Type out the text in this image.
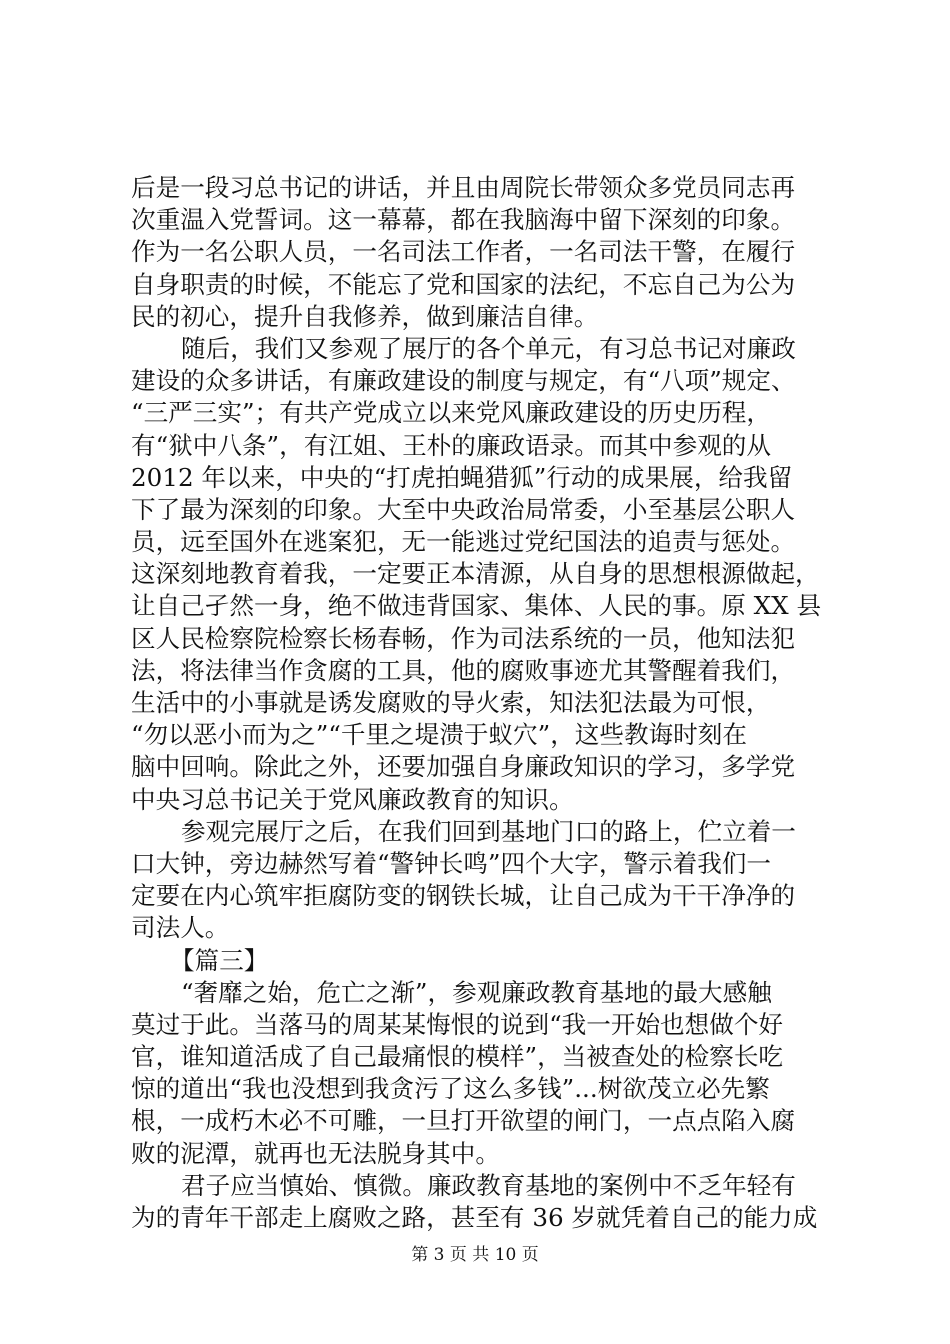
后是一段习总书记的讲话，并且由周院长带领众多党员同志再
次重温入党誓词。这一幕幕，都在我脑海中留下深刻的印象。
作为一名公职人员，一名司法工作者，一名司法干警，在履行
自身职责的时候，不能忘了党和国家的法纪，不忘自己为公为
民的初心，提升自我修养，做到廉洁自律。
随后，我们又参观了展厅的各个单元，有习总书记对廉政
建设的众多讲话，有廉政建设的制度与规定，有“八项”规定、
“三严三实”；有共产党成立以来党风廉政建设的历史历程，
有“狱中八条”，有江姐、王朴的廉政语录。而其中参观的从
2012 年以来，中央的“打虎拍蝇猎狐”行动的成果展，给我留
下了最为深刻的印象。大至中央政治局常委，小至基层公职人
员，远至国外在逃案犯，无一能逃过党纪国法的追责与惩处。
这深刻地教育着我，一定要正本清源，从自身的思想根源做起，
让自己孑然一身，绝不做违背国家、集体、人民的事。原 XX 县
区人民检察院检察长杨春畅，作为司法系统的一员，他知法犯
法，将法律当作贪腐的工具，他的腐败事迹尤其警醒着我们，
生活中的小事就是诱发腐败的导火索，知法犯法最为可恨，
“勿以恶小而为之”“千里之堤溃于蚁穴”，这些教诲时刻在
脑中回响。除此之外，还要加强自身廉政知识的学习，多学党
中央习总书记关于党风廉政教育的知识。
参观完展厅之后，在我们回到基地门口的路上，伫立着一
口大钟，旁边赫然写着“警钟长鸣”四个大字，警示着我们一
定要在内心筑牢拒腐防变的钢铁长城，让自己成为干干净净的
司法人。
【篇三】
“奢靡之始，危亡之渐”，参观廉政教育基地的最大感触
莫过于此。当落马的周某某悔恨的说到“我一开始也想做个好
官，谁知道活成了自己最痛恨的模样”，当被查处的检察长吃
惊的道出“我也没想到我贪污了这么多钱”...树欲茂立必先繁
根，一成朽木必不可雕，一旦打开欲望的闸门，一点点陷入腐
败的泥潭，就再也无法脱身其中。
君子应当慎始、慎微。廉政教育基地的案例中不乏年轻有
为的青年干部走上腐败之路，甚至有 36 岁就凭着自己的能力成
第 3 页 共 10 页
